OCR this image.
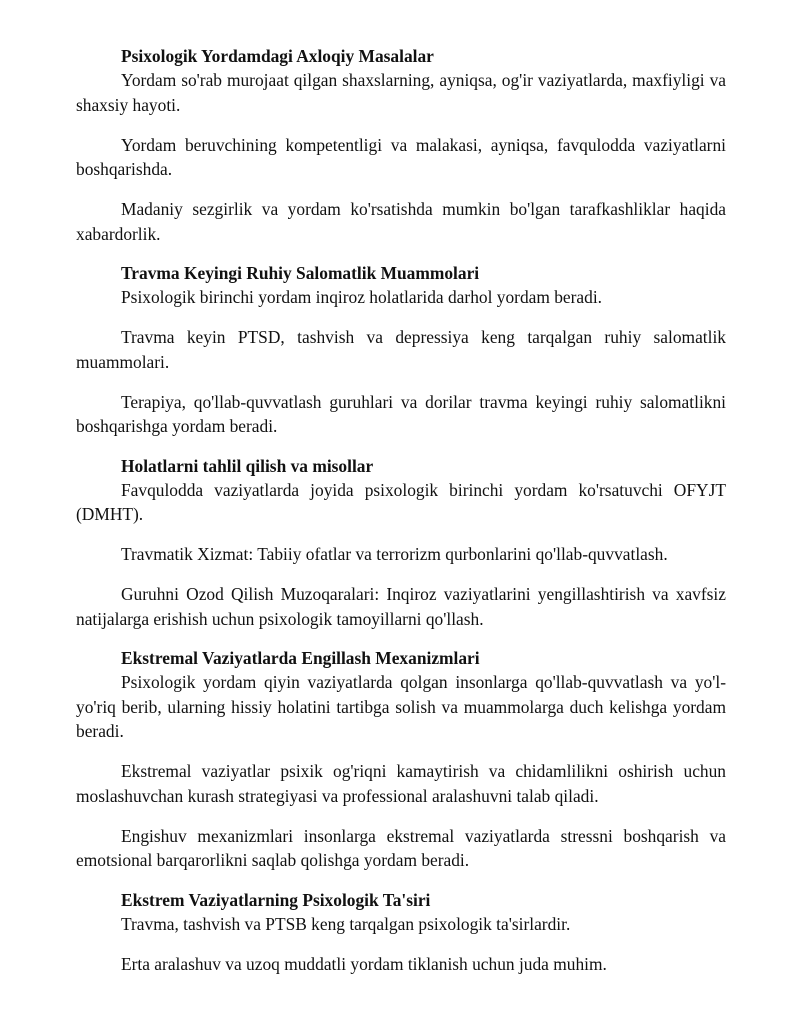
Psixologik Yordamdagi Axloqiy Masalalar

Yordam so'rab murojaat qilgan shaxslarning, ayniqsa, og'ir vaziyatlarda, maxfiyligi va shaxsiy hayoti.

Yordam beruvchining kompetentligi va malakasi, ayniqsa, favqulodda vaziyatlarni boshqarishda.

Madaniy sezgirlik va yordam ko'rsatishda mumkin bo'lgan tarafkashliklar haqida xabardorlik.

Travma Keyingi Ruhiy Salomatlik Muammolari

Psixologik birinchi yordam inqiroz holatlarida darhol yordam beradi.

Travma keyin PTSD, tashvish va depressiya keng tarqalgan ruhiy salomatlik muammolari.

Terapiya, qo'llab-quvvatlash guruhlari va dorilar travma keyingi ruhiy salomatlikni boshqarishga yordam beradi.

Holatlarni tahlil qilish va misollar

Favqulodda vaziyatlarda joyida psixologik birinchi yordam ko'rsatuvchi OFYJT (DMHT).

Travmatik Xizmat: Tabiiy ofatlar va terrorizm qurbonlarini qo'llab-quvvatlash.

Guruhni Ozod Qilish Muzoqaralari: Inqiroz vaziyatlarini yengillashtirish va xavfsiz natijalarga erishish uchun psixologik tamoyillarni qo'llash.

Ekstremal Vaziyatlarda Engillash Mexanizmlari

Psixologik yordam qiyin vaziyatlarda qolgan insonlarga qo'llab-quvvatlash va yo'l-yo'riq berib, ularning hissiy holatini tartibga solish va muammolarga duch kelishga yordam beradi.

Ekstremal vaziyatlar psixik og'riqni kamaytirish va chidamlilikni oshirish uchun moslashuvchan kurash strategiyasi va professional aralashuvni talab qiladi.

Engishuv mexanizmlari insonlarga ekstremal vaziyatlarda stressni boshqarish va emotsional barqarorlikni saqlab qolishga yordam beradi.

Ekstrem Vaziyatlarning Psixologik Ta'siri

Travma, tashvish va PTSB keng tarqalgan psixologik ta'sirlardir.

Erta aralashuv va uzoq muddatli yordam tiklanish uchun juda muhim.
